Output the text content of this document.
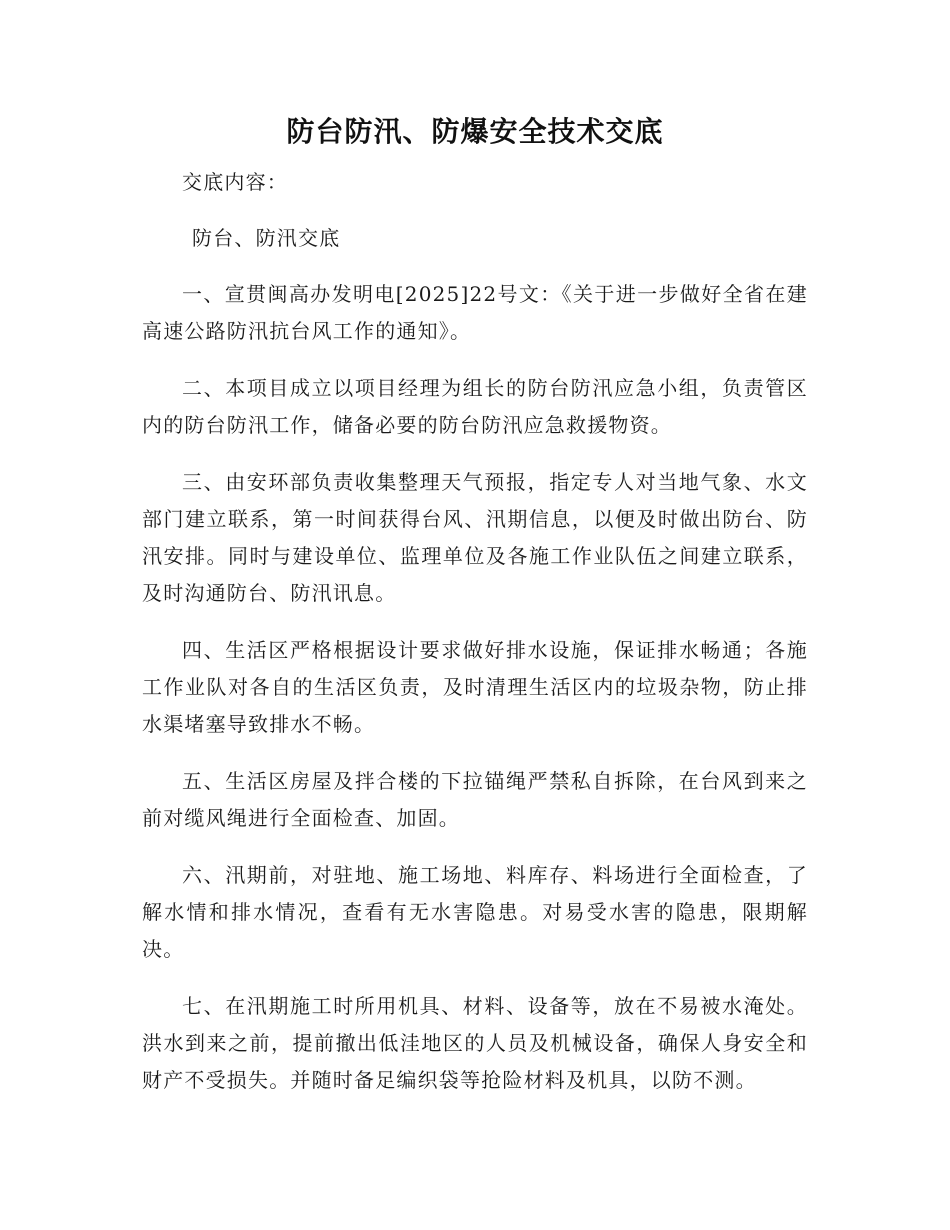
防台防汛、防爆安全技术交底

交底内容：

防台、防汛交底

一、宣贯闽高办发明电[2025]22号文：《关于进一步做好全省在建高速公路防汛抗台风工作的通知》。

二、本项目成立以项目经理为组长的防台防汛应急小组，负责管区内的防台防汛工作，储备必要的防台防汛应急救援物资。

三、由安环部负责收集整理天气预报，指定专人对当地气象、水文部门建立联系，第一时间获得台风、汛期信息，以便及时做出防台、防汛安排。同时与建设单位、监理单位及各施工作业队伍之间建立联系，及时沟通防台、防汛讯息。

四、生活区严格根据设计要求做好排水设施，保证排水畅通；各施工作业队对各自的生活区负责，及时清理生活区内的垃圾杂物，防止排水渠堵塞导致排水不畅。

五、生活区房屋及拌合楼的下拉锚绳严禁私自拆除，在台风到来之前对缆风绳进行全面检查、加固。

六、汛期前，对驻地、施工场地、料库存、料场进行全面检查，了解水情和排水情况，查看有无水害隐患。对易受水害的隐患，限期解决。

七、在汛期施工时所用机具、材料、设备等，放在不易被水淹处。洪水到来之前，提前撤出低洼地区的人员及机械设备，确保人身安全和财产不受损失。并随时备足编织袋等抢险材料及机具，以防不测。
